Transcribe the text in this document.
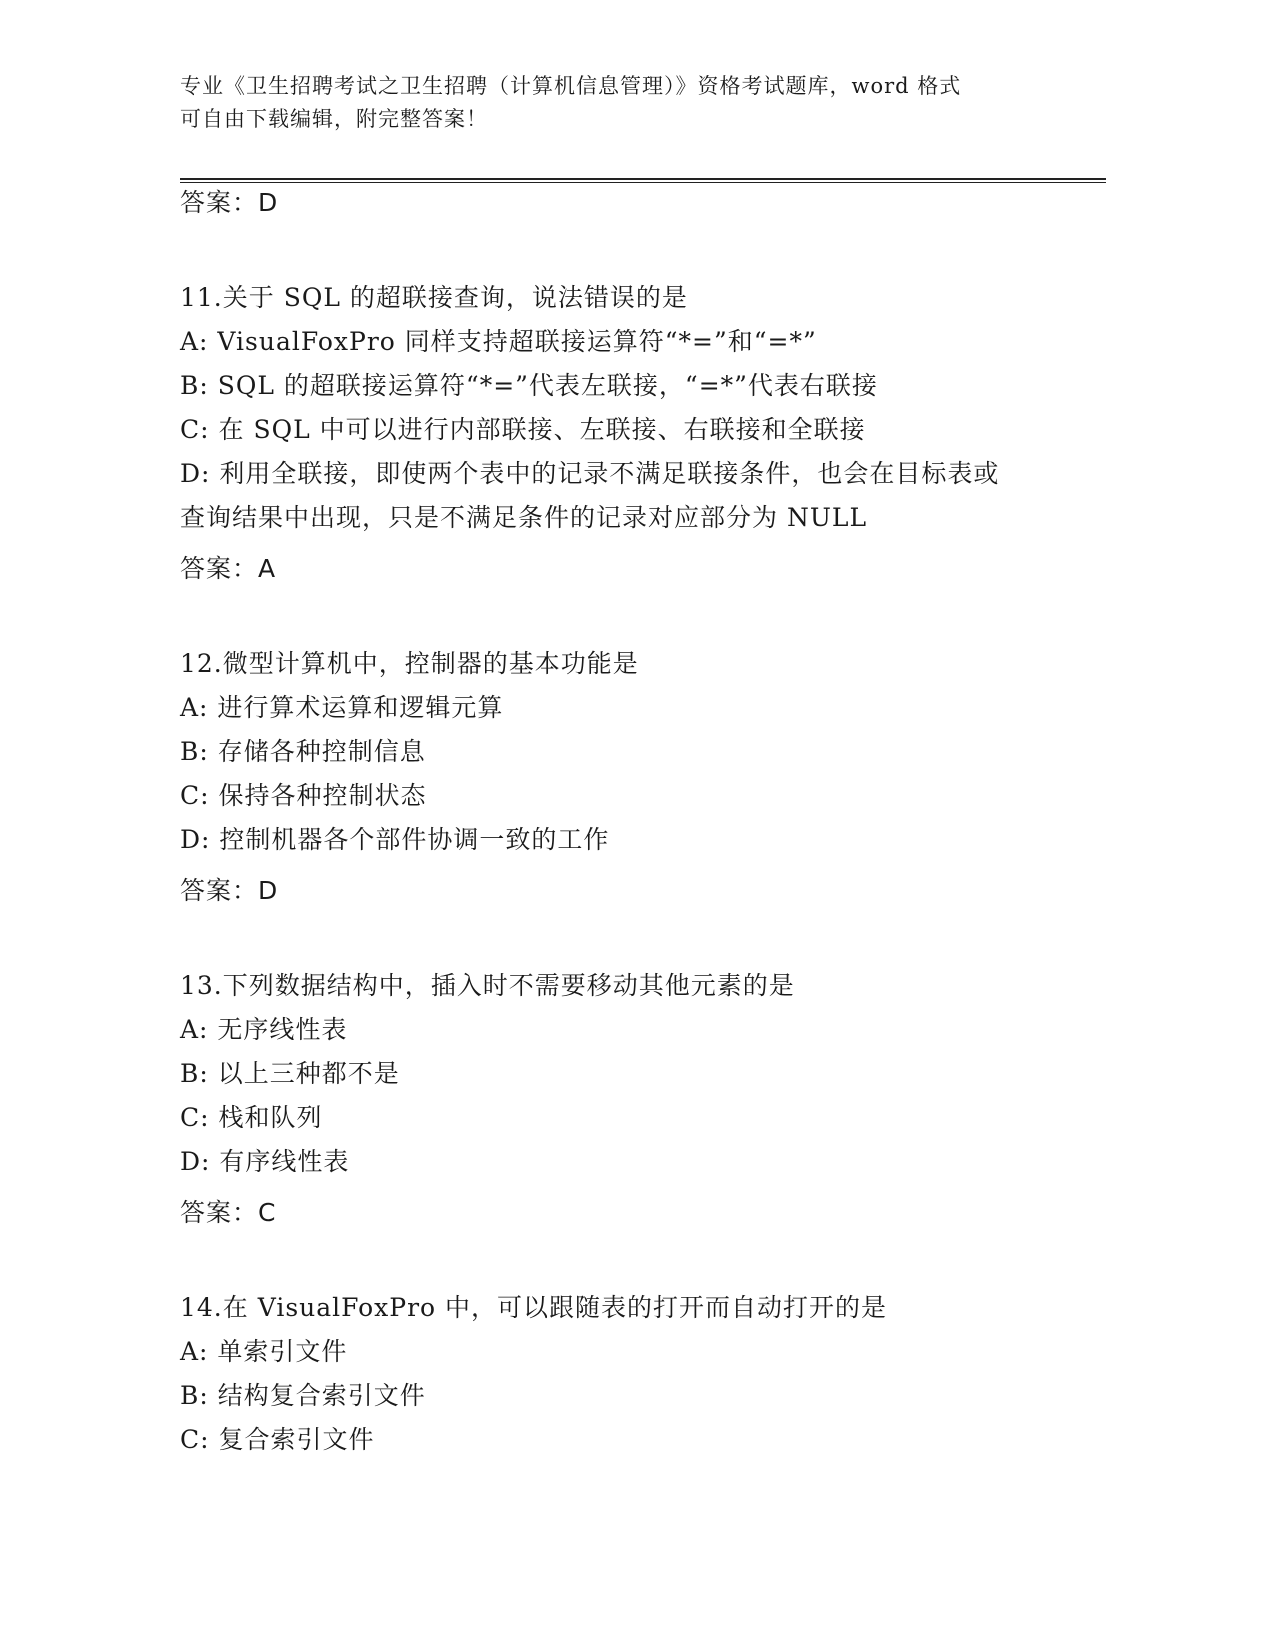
专业《卫生招聘考试之卫生招聘（计算机信息管理）》资格考试题库，word 格式
可自由下载编辑，附完整答案！
答案：D
11.关于 SQL 的超联接查询，说法错误的是
A: VisualFoxPro 同样支持超联接运算符“*=”和“=*”
B: SQL 的超联接运算符“*=”代表左联接，“=*”代表右联接
C: 在 SQL 中可以进行内部联接、左联接、右联接和全联接
D: 利用全联接，即使两个表中的记录不满足联接条件，也会在目标表或查询结果中出现，只是不满足条件的记录对应部分为 NULL
答案：A
12.微型计算机中，控制器的基本功能是
A: 进行算术运算和逻辑元算
B: 存储各种控制信息
C: 保持各种控制状态
D: 控制机器各个部件协调一致的工作
答案：D
13.下列数据结构中，插入时不需要移动其他元素的是
A: 无序线性表
B: 以上三种都不是
C: 栈和队列
D: 有序线性表
答案：C
14.在 VisualFoxPro 中，可以跟随表的打开而自动打开的是
A: 单索引文件
B: 结构复合索引文件
C: 复合索引文件
